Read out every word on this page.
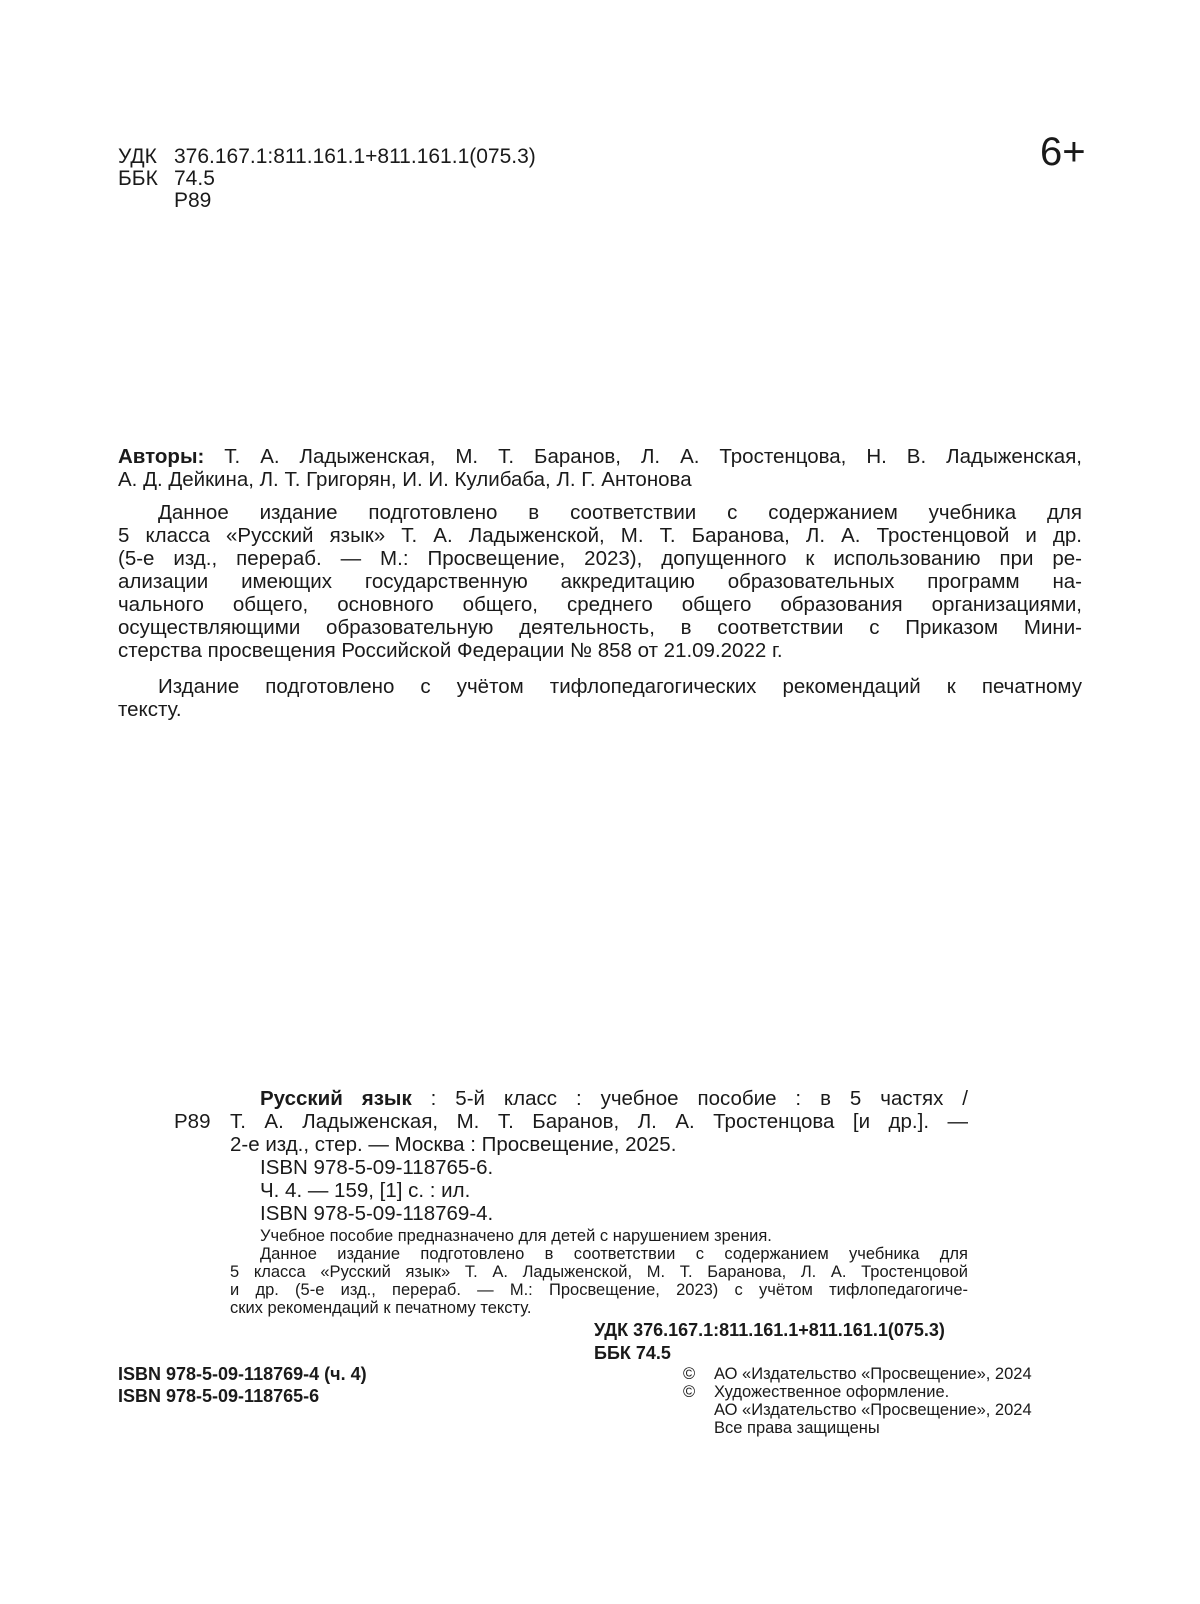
УДК 376.167.1:811.161.1+811.161.1(075.3)
ББК 74.5
Р89
6+
Авторы: Т. А. Ладыженская, М. Т. Баранов, Л. А. Тростенцова, Н. В. Ладыженская,
А. Д. Дейкина, Л. Т. Григорян, И. И. Кулибаба, Л. Г. Антонова
Данное издание подготовлено в соответствии с содержанием учебника для
5 класса «Русский язык» Т. А. Ладыженской, М. Т. Баранова, Л. А. Тростенцовой и др.
(5-е изд., перераб. — М.: Просвещение, 2023), допущенного к использованию при ре-
ализации имеющих государственную аккредитацию образовательных программ на-
чального общего, основного общего, среднего общего образования организациями,
осуществляющими образовательную деятельность, в соответствии с Приказом Мини-
стерства просвещения Российской Федерации № 858 от 21.09.2022 г.
Издание подготовлено с учётом тифлопедагогических рекомендаций к печатному
тексту.
Русский язык : 5-й класс : учебное пособие : в 5 частях /
Р89 Т. А. Ладыженская, М. Т. Баранов, Л. А. Тростенцова [и др.]. —
2-е изд., стер. — Москва : Просвещение, 2025.
ISBN 978-5-09-118765-6.
Ч. 4. — 159, [1] с. : ил.
ISBN 978-5-09-118769-4.
Учебное пособие предназначено для детей с нарушением зрения.
Данное издание подготовлено в соответствии с содержанием учебника для
5 класса «Русский язык» Т. А. Ладыженской, М. Т. Баранова, Л. А. Тростенцовой
и др. (5-е изд., перераб. — М.: Просвещение, 2023) с учётом тифлопедагогиче-
ских рекомендаций к печатному тексту.
УДК 376.167.1:811.161.1+811.161.1(075.3)
ББК 74.5
ISBN 978-5-09-118769-4 (ч. 4)
ISBN 978-5-09-118765-6
© АО «Издательство «Просвещение», 2024
© Художественное оформление.
АО «Издательство «Просвещение», 2024
Все права защищены
